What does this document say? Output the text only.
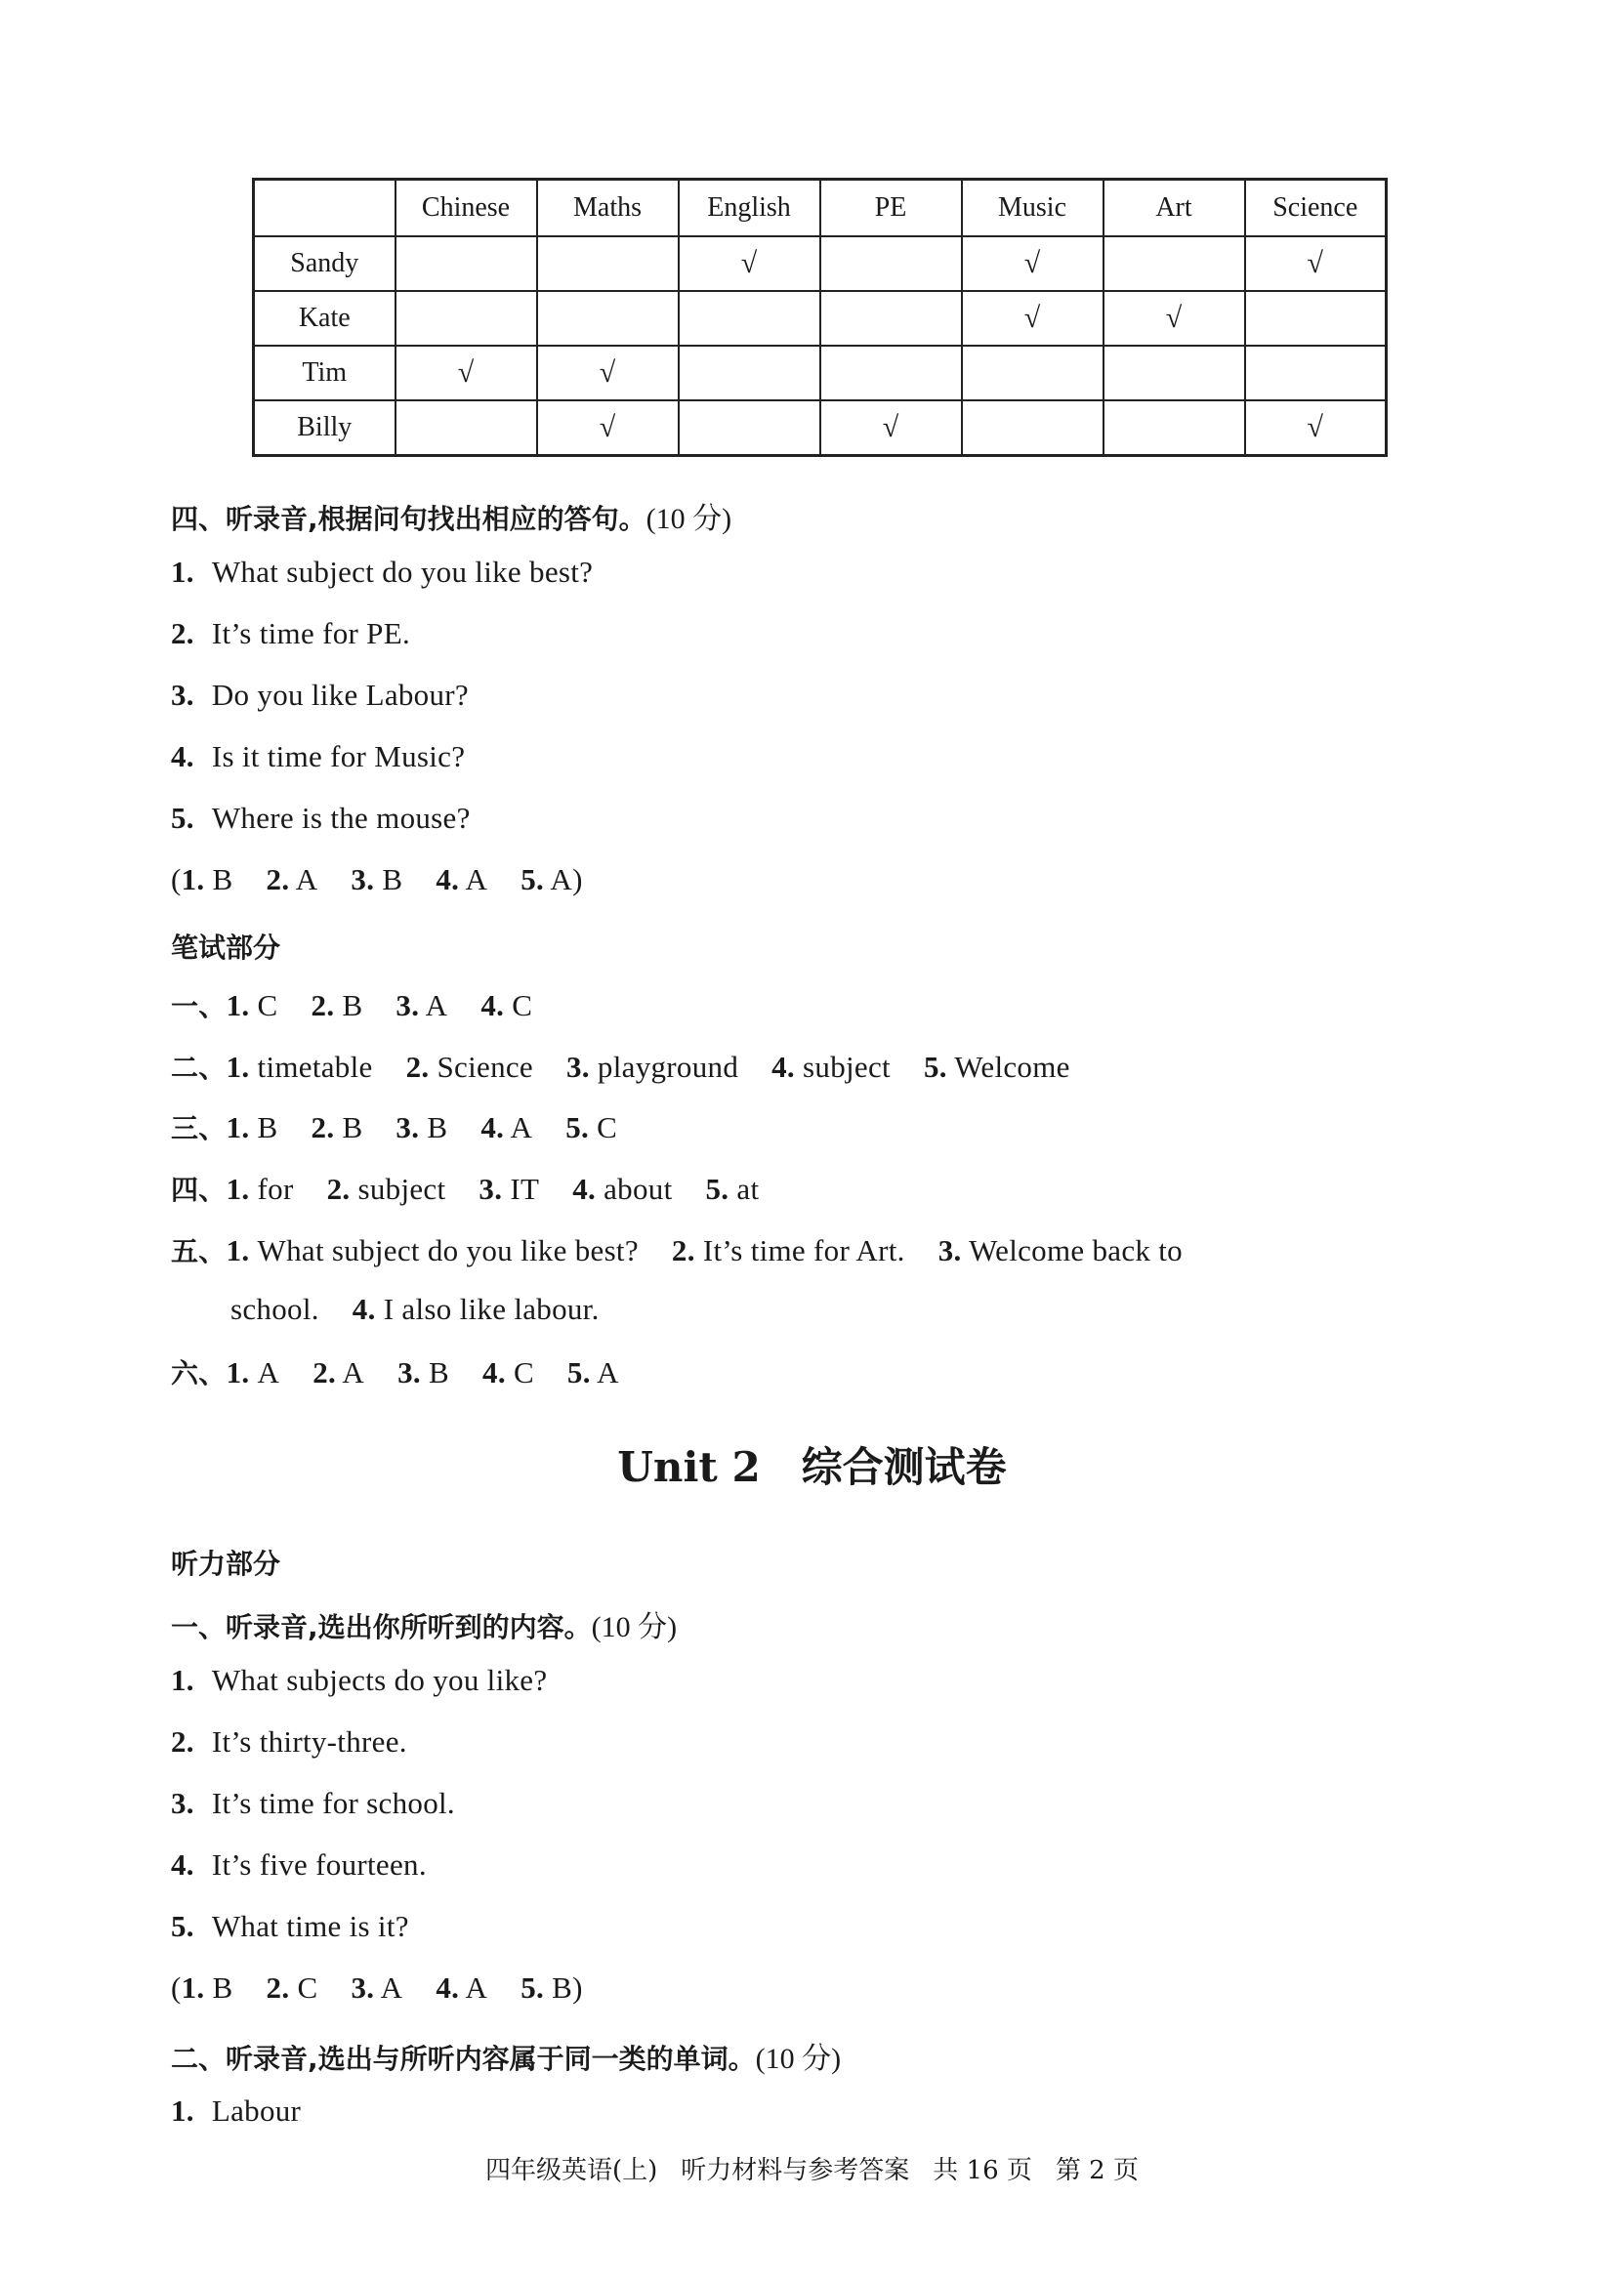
	Chinese	Maths	English	PE	Music	Art	Science
Sandy			√		√		√
Kate					√	√	
Tim	√	√					
Billy		√		√			√
四、听录音,根据问句找出相应的答句。(10 分)
1. What subject do you like best?
2. It’s time for PE.
3. Do you like Labour?
4. Is it time for Music?
5. Where is the mouse?
(1. B 2. A 3. B 4. A 5. A)
笔试部分
一、1. C 2. B 3. A 4. C
二、1. timetable 2. Science 3. playground 4. subject 5. Welcome
三、1. B 2. B 3. B 4. A 5. C
四、1. for 2. subject 3. IT 4. about 5. at
五、1. What subject do you like best? 2. It’s time for Art. 3. Welcome back to
school. 4. I also like labour.
六、1. A 2. A 3. B 4. C 5. A
Unit 2 综合测试卷
听力部分
一、听录音,选出你所听到的内容。(10 分)
1. What subjects do you like?
2. It’s thirty-three.
3. It’s time for school.
4. It’s five fourteen.
5. What time is it?
(1. B 2. C 3. A 4. A 5. B)
二、听录音,选出与所听内容属于同一类的单词。(10 分)
1. Labour
四年级英语(上) 听力材料与参考答案 共 16 页 第 2 页
